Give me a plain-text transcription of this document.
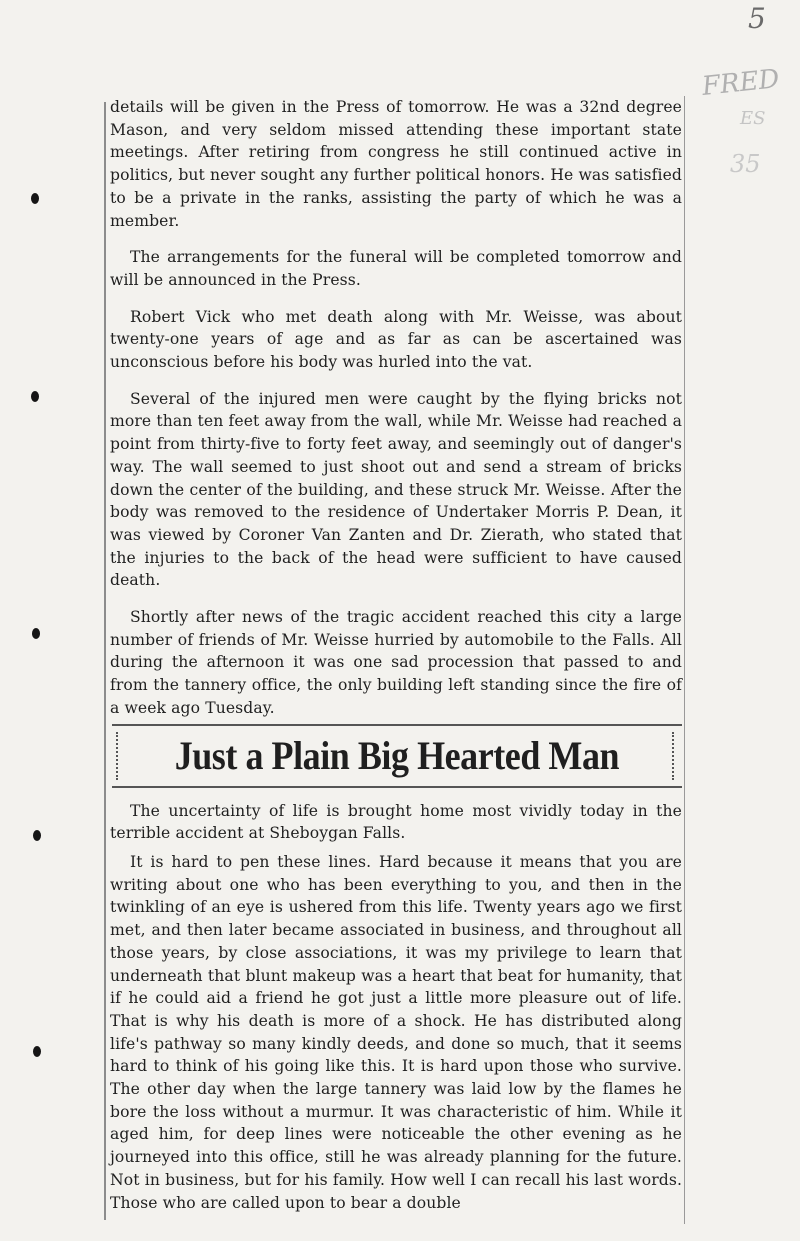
5
FRED
ES
35

details will be given in the Press of tomorrow. He was a 32nd degree Mason, and very seldom missed attending these important state meetings. After retiring from congress he still continued active in politics, but never sought any further political honors. He was satisfied to be a private in the ranks, assisting the party of which he was a member.

The arrangements for the funeral will be completed tomorrow and will be announced in the Press.

Robert Vick who met death along with Mr. Weisse, was about twenty-one years of age and as far as can be ascertained was unconscious before his body was hurled into the vat.

Several of the injured men were caught by the flying bricks not more than ten feet away from the wall, while Mr. Weisse had reached a point from thirty-five to forty feet away, and seemingly out of danger's way. The wall seemed to just shoot out and send a stream of bricks down the center of the building, and these struck Mr. Weisse. After the body was removed to the residence of Undertaker Morris P. Dean, it was viewed by Coroner Van Zanten and Dr. Zierath, who stated that the injuries to the back of the head were sufficient to have caused death.

Shortly after news of the tragic accident reached this city a large number of friends of Mr. Weisse hurried by automobile to the Falls. All during the afternoon it was one sad procession that passed to and from the tannery office, the only building left standing since the fire of a week ago Tuesday.

Just a Plain Big Hearted Man

The uncertainty of life is brought home most vividly today in the terrible accident at Sheboygan Falls.

It is hard to pen these lines. Hard because it means that you are writing about one who has been everything to you, and then in the twinkling of an eye is ushered from this life. Twenty years ago we first met, and then later became associated in business, and throughout all those years, by close associations, it was my privilege to learn that underneath that blunt makeup was a heart that beat for humanity, that if he could aid a friend he got just a little more pleasure out of life. That is why his death is more of a shock. He has distributed along life's pathway so many kindly deeds, and done so much, that it seems hard to think of his going like this. It is hard upon those who survive. The other day when the large tannery was laid low by the flames he bore the loss without a murmur. It was characteristic of him. While it aged him, for deep lines were noticeable the other evening as he journeyed into this office, still he was already planning for the future. Not in business, but for his family. How well I can recall his last words. Those who are called upon to bear a double
